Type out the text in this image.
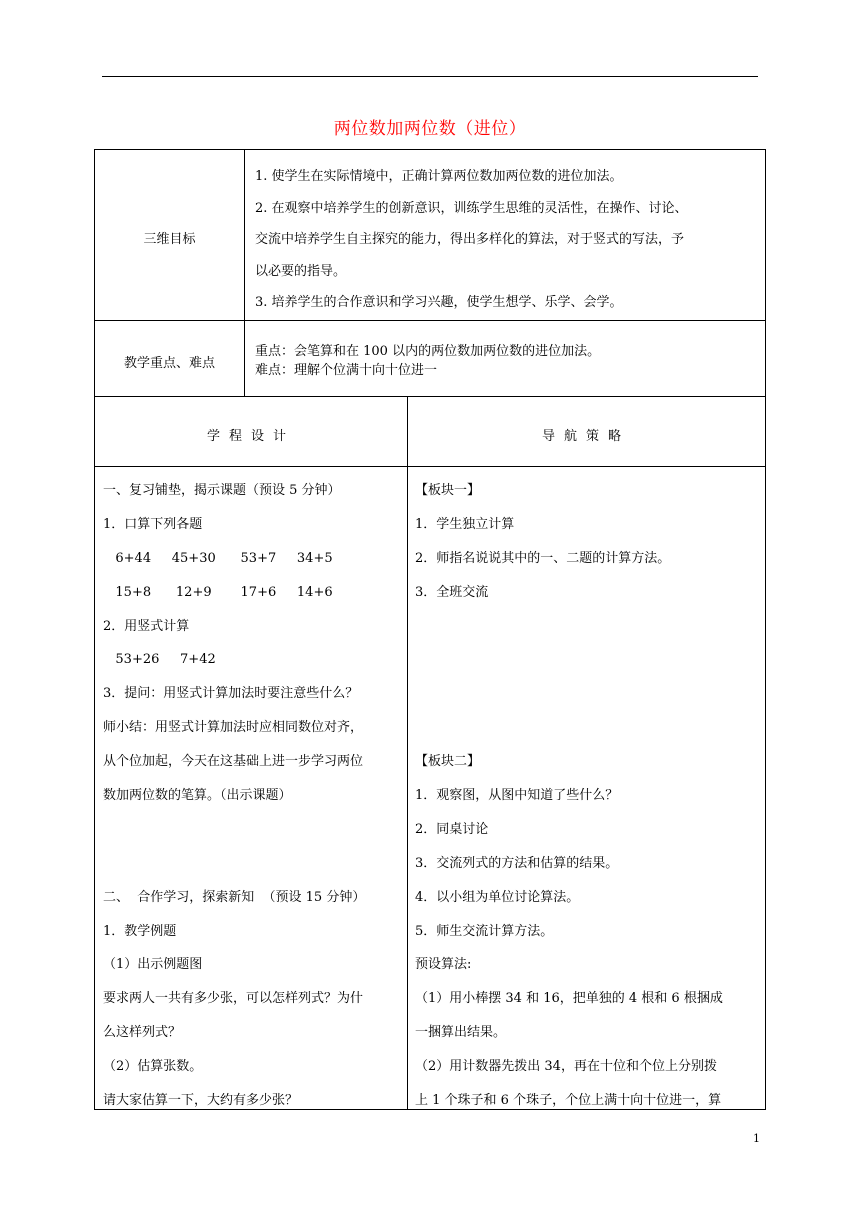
两位数加两位数（进位）
三维目标

1. 使学生在实际情境中，正确计算两位数加两位数的进位加法。

2. 在观察中培养学生的创新意识，训练学生思维的灵活性，在操作、讨论、

交流中培养学生自主探究的能力，得出多样化的算法，对于竖式的写法，予

以必要的指导。

3. 培养学生的合作意识和学习兴趣，使学生想学、乐学、会学。

教学重点、难点

重点：会笔算和在 100 以内的两位数加两位数的进位加法。

难点：理解个位满十向十位进一

学程设计	导航策略

一、复习铺垫，揭示课题（预设 5 分钟）

1．口算下列各题

6+44     45+30      53+7     34+5

15+8      12+9       17+6     14+6

2．用竖式计算

53+26     7+42

3．提问：用竖式计算加法时要注意些什么？

师小结：用竖式计算加法时应相同数位对齐，

从个位加起，今天在这基础上进一步学习两位

数加两位数的笔算。（出示课题）

二、  合作学习，探索新知  （预设 15 分钟）

1．教学例题

（1）出示例题图

要求两人一共有多少张，可以怎样列式？为什

么这样列式？

（2）估算张数。

请大家估算一下，大约有多少张？

【板块一】

1．学生独立计算

2．师指名说说其中的一、二题的计算方法。

3．全班交流

【板块二】

1．观察图，从图中知道了些什么？

2．同桌讨论

3．交流列式的方法和估算的结果。

4．以小组为单位讨论算法。

5．师生交流计算方法。

预设算法:

（1）用小棒摆 34 和 16，把单独的 4 根和 6 根捆成

一捆算出结果。

（2）用计数器先拨出 34，再在十位和个位上分别拨

上 1 个珠子和 6 个珠子，个位上满十向十位进一，算

1
